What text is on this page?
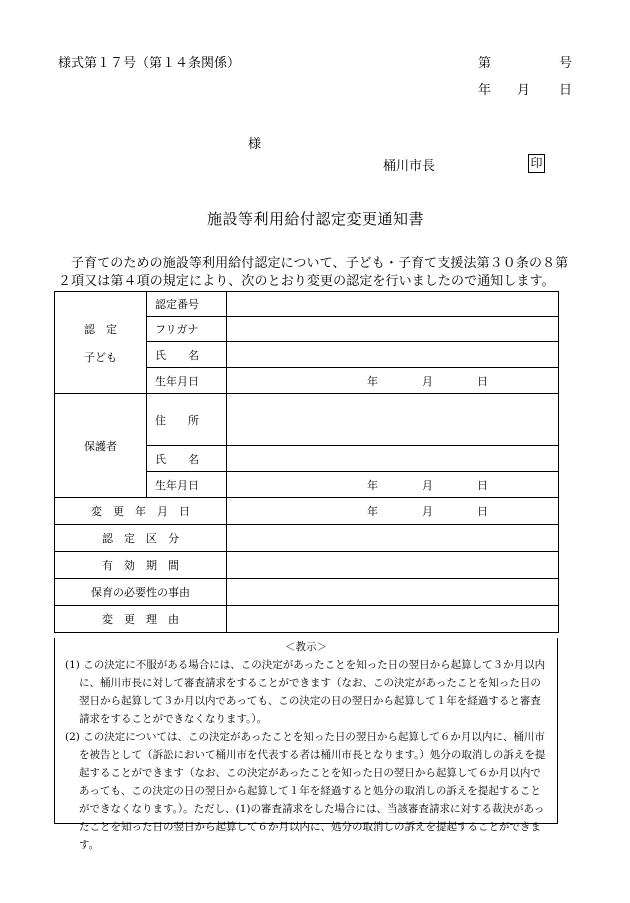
様式第１７号（第１４条関係）	第	号
年 月 日
様
桶川市長	印
施設等利用給付認定変更通知書
子育てのための施設等利用給付認定について、子ども・子育て支援法第３０条の８第２項又は第４項の規定により、次のとおり変更の認定を行いましたので通知します。
認　定
子ども	認定番号	
	フリガナ	
	氏　　名	
	生年月日	年 月 日

保護者	住　　所	
	氏　　名	
	生年月日	年 月 日

変　更　年　月　日		年 月 日

認　定　区　分		
有　効　期　間		
保育の必要性の事由		
変　更　理　由		
＜教示＞
(1) この決定に不服がある場合には、この決定があったことを知った日の翌日から起算して３か月以内に、桶川市長に対して審査請求をすることができます（なお、この決定があったことを知った日の翌日から起算して３か月以内であっても、この決定の日の翌日から起算して１年を経過すると審査請求をすることができなくなります。）。
(2) この決定については、この決定があったことを知った日の翌日から起算して６か月以内に、桶川市を被告として（訴訟において桶川市を代表する者は桶川市長となります。）処分の取消しの訴えを提起することができます（なお、この決定があったことを知った日の翌日から起算して６か月以内であっても、この決定の日の翌日から起算して１年を経過すると処分の取消しの訴えを提起することができなくなります。）。ただし、(1)の審査請求をした場合には、当該審査請求に対する裁決があったことを知った日の翌日から起算して６か月以内に、処分の取消しの訴えを提起することができます。
